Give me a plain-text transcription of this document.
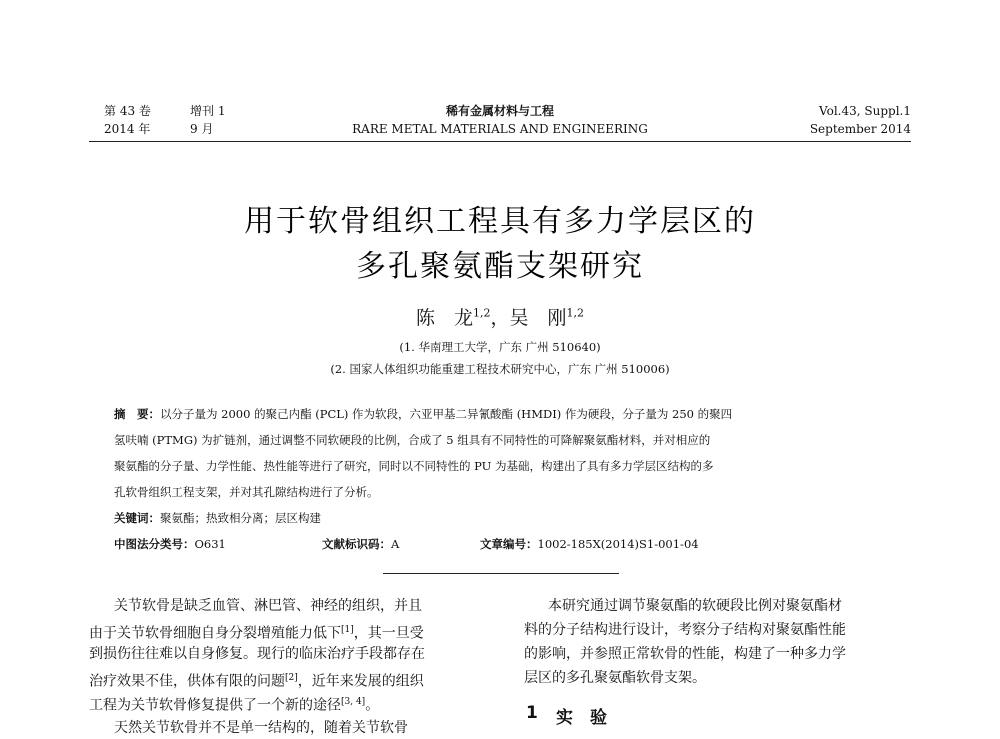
第 43 卷	增刊 1
2014 年	9 月
稀有金属材料与工程
RARE METAL MATERIALS AND ENGINEERING
Vol.43, Suppl.1
September 2014
用于软骨组织工程具有多力学层区的
多孔聚氨酯支架研究
陈　龙$^{1,2}$，吴　刚$^{1,2}$
(1. 华南理工大学，广东 广州 510640)
(2. 国家人体组织功能重建工程技术研究中心，广东 广州 510006)
摘　要：以分子量为 2000 的聚己内酯 (PCL) 作为软段，六亚甲基二异氰酸酯 (HMDI) 作为硬段，分子量为 250 的聚四
氢呋喃 (PTMG) 为扩链剂，通过调整不同软硬段的比例，合成了 5 组具有不同特性的可降解聚氨酯材料，并对相应的
聚氨酯的分子量、力学性能、热性能等进行了研究，同时以不同特性的 PU 为基础，构建出了具有多力学层区结构的多
孔软骨组织工程支架，并对其孔隙结构进行了分析。
关键词：聚氨酯；热致相分离；层区构建
中图法分类号：O631	文献标识码：A	文章编号：1002-185X(2014)S1-001-04
关节软骨是缺乏血管、淋巴管、神经的组织，并且
由于关节软骨细胞自身分裂增殖能力低下[1]，其一旦受
到损伤往往难以自身修复。现行的临床治疗手段都存在
治疗效果不佳，供体有限的问题[2]，近年来发展的组织
工程为关节软骨修复提供了一个新的途径[3, 4]。
天然关节软骨并不是单一结构的，随着关节软骨
本研究通过调节聚氨酯的软硬段比例对聚氨酯材
料的分子结构进行设计，考察分子结构对聚氨酯性能
的影响，并参照正常软骨的性能，构建了一种多力学
层区的多孔聚氨酯软骨支架。
1 实　验
